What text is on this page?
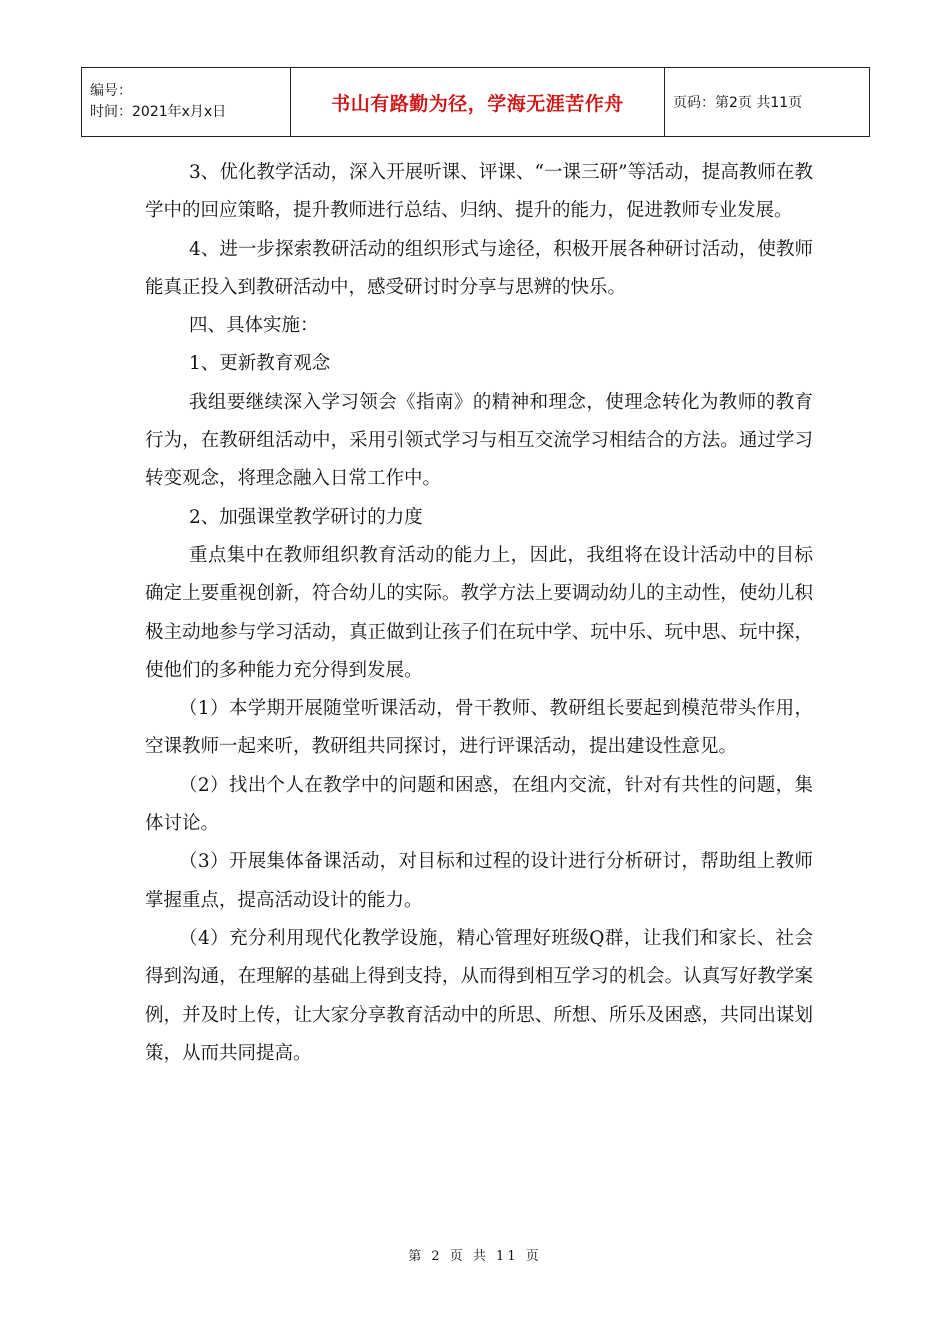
编号：
时间：2021年x月x日	书山有路勤为径，学海无涯苦作舟	页码：第2页 共11页

3、优化教学活动，深入开展听课、评课、“一课三研”等活动，提高教师在教学中的回应策略，提升教师进行总结、归纳、提升的能力，促进教师专业发展。

4、进一步探索教研活动的组织形式与途径，积极开展各种研讨活动，使教师能真正投入到教研活动中，感受研讨时分享与思辨的快乐。

四、具体实施：

1、更新教育观念

我组要继续深入学习领会《指南》的精神和理念，使理念转化为教师的教育行为，在教研组活动中，采用引领式学习与相互交流学习相结合的方法。通过学习转变观念，将理念融入日常工作中。

2、加强课堂教学研讨的力度

重点集中在教师组织教育活动的能力上，因此，我组将在设计活动中的目标确定上要重视创新，符合幼儿的实际。教学方法上要调动幼儿的主动性，使幼儿积极主动地参与学习活动，真正做到让孩子们在玩中学、玩中乐、玩中思、玩中探，使他们的多种能力充分得到发展。

（1）本学期开展随堂听课活动，骨干教师、教研组长要起到模范带头作用，空课教师一起来听，教研组共同探讨，进行评课活动，提出建设性意见。

（2）找出个人在教学中的问题和困惑，在组内交流，针对有共性的问题，集体讨论。

（3）开展集体备课活动，对目标和过程的设计进行分析研讨，帮助组上教师掌握重点，提高活动设计的能力。

（4）充分利用现代化教学设施，精心管理好班级Q群，让我们和家长、社会得到沟通，在理解的基础上得到支持，从而得到相互学习的机会。认真写好教学案例，并及时上传，让大家分享教育活动中的所思、所想、所乐及困惑，共同出谋划策，从而共同提高。

第 2 页 共 11 页
